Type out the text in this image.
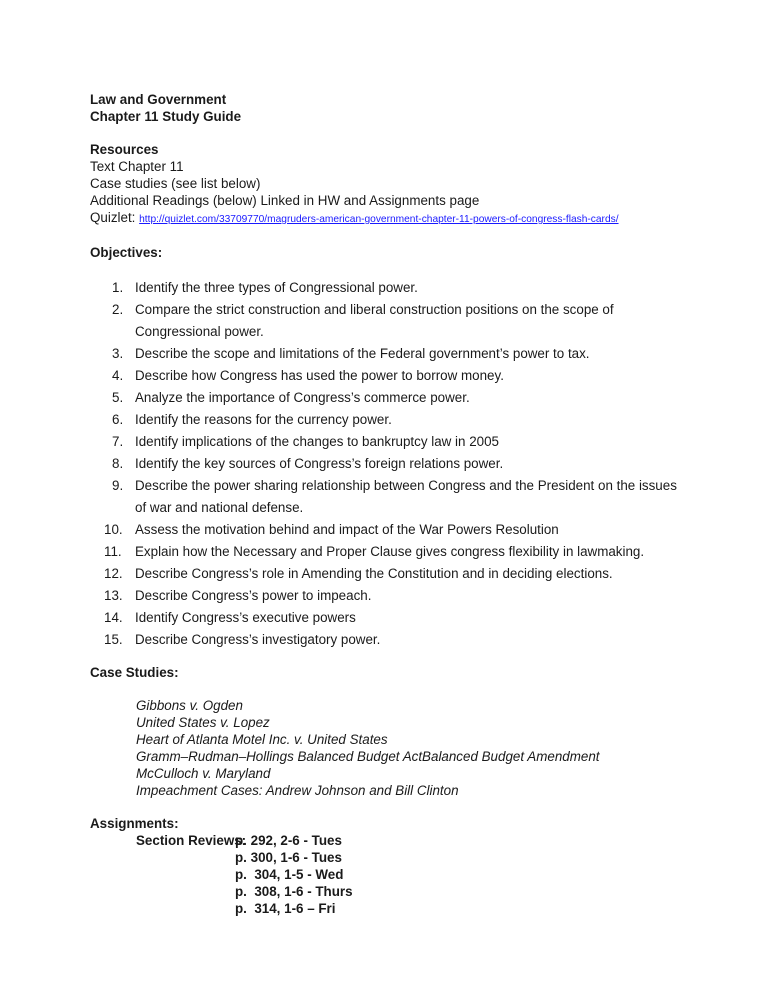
Law and Government
Chapter 11 Study Guide
Resources
Text Chapter 11
Case studies (see list below)
Additional Readings (below) Linked in HW and Assignments page
Quizlet: http://quizlet.com/33709770/magruders-american-government-chapter-11-powers-of-congress-flash-cards/
Objectives:
1. Identify the three types of Congressional power.
2. Compare the strict construction and liberal construction positions on the scope of Congressional power.
3. Describe the scope and limitations of the Federal government’s power to tax.
4. Describe how Congress has used the power to borrow money.
5. Analyze the importance of Congress’s commerce power.
6. Identify the reasons for the currency power.
7. Identify implications of the changes to bankruptcy law in 2005
8. Identify the key sources of Congress’s foreign relations power.
9. Describe the power sharing relationship between Congress and the President on the issues of war and national defense.
10. Assess the motivation behind and impact of the War Powers Resolution
11. Explain how the Necessary and Proper Clause gives congress flexibility in lawmaking.
12. Describe Congress’s role in Amending the Constitution and in deciding elections.
13. Describe Congress’s power to impeach.
14. Identify Congress’s executive powers
15. Describe Congress’s investigatory power.
Case Studies:
Gibbons v. Ogden
United States v. Lopez
Heart of Atlanta Motel Inc. v. United States
Gramm–Rudman–Hollings Balanced Budget ActBalanced Budget Amendment
McCulloch v. Maryland
Impeachment Cases: Andrew Johnson and Bill Clinton
Assignments:
Section Reviews:
p. 292, 2-6 - Tues
p. 300, 1-6 - Tues
p.  304, 1-5 - Wed
p.  308, 1-6 - Thurs
p.  314, 1-6 – Fri
